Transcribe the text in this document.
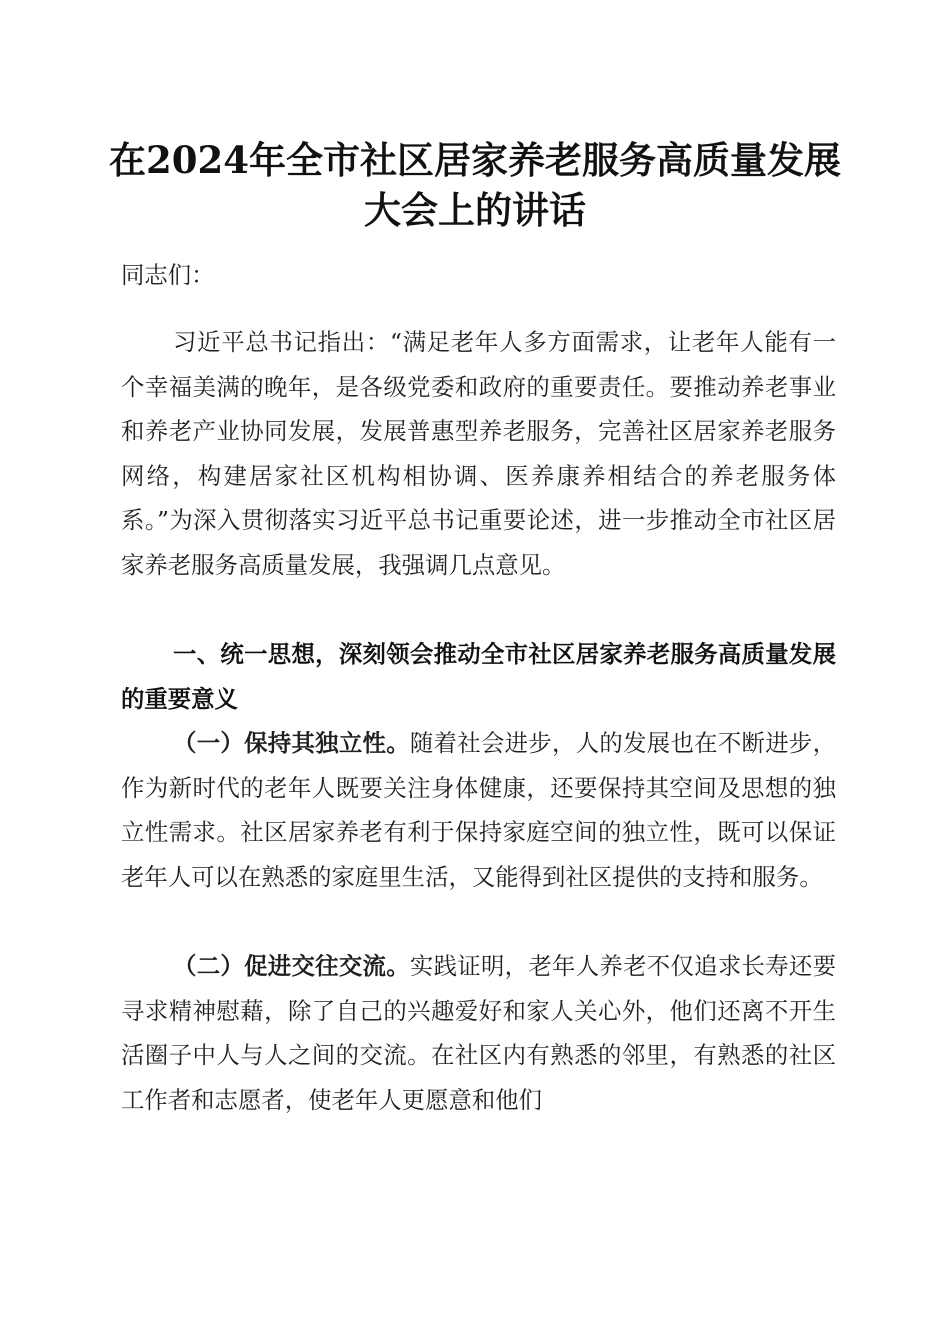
在2024年全市社区居家养老服务高质量发展
大会上的讲话

同志们：

习近平总书记指出：“满足老年人多方面需求，让老年人能有一个幸福美满的晚年，是各级党委和政府的重要责任。要推动养老事业和养老产业协同发展，发展普惠型养老服务，完善社区居家养老服务网络，构建居家社区机构相协调、医养康养相结合的养老服务体系。”为深入贯彻落实习近平总书记重要论述，进一步推动全市社区居家养老服务高质量发展，我强调几点意见。

一、统一思想，深刻领会推动全市社区居家养老服务高质量发展的重要意义

（一）保持其独立性。随着社会进步，人的发展也在不断进步，作为新时代的老年人既要关注身体健康，还要保持其空间及思想的独立性需求。社区居家养老有利于保持家庭空间的独立性，既可以保证老年人可以在熟悉的家庭里生活，又能得到社区提供的支持和服务。

（二）促进交往交流。实践证明，老年人养老不仅追求长寿还要寻求精神慰藉，除了自己的兴趣爱好和家人关心外，他们还离不开生活圈子中人与人之间的交流。在社区内有熟悉的邻里，有熟悉的社区工作者和志愿者，使老年人更愿意和他们
